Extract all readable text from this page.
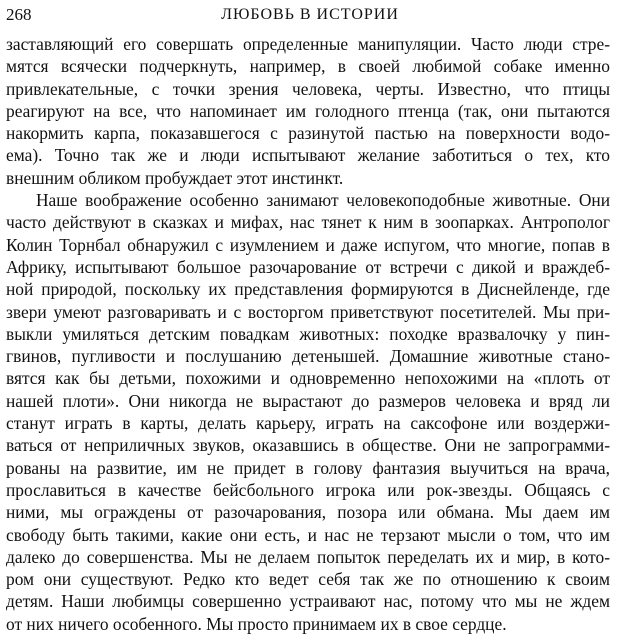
268	ЛЮБОВЬ В ИСТОРИИ
заставляющий его совершать определенные манипуляции. Часто люди стре-
мятся всячески подчеркнуть, например, в своей любимой собаке именно
привлекательные, с точки зрения человека, черты. Известно, что птицы
реагируют на все, что напоминает им голодного птенца (так, они пытаются
накормить карпа, показавшегося с разинутой пастью на поверхности водо-
ема). Точно так же и люди испытывают желание заботиться о тех, кто
внешним обликом пробуждает этот инстинкт.
Наше воображение особенно занимают человекоподобные животные. Они
часто действуют в сказках и мифах, нас тянет к ним в зоопарках. Антрополог
Колин Торнбал обнаружил с изумлением и даже испугом, что многие, попав в
Африку, испытывают большое разочарование от встречи с дикой и враждеб-
ной природой, поскольку их представления формируются в Диснейленде, где
звери умеют разговаривать и с восторгом приветствуют посетителей. Мы при-
выкли умиляться детским повадкам животных: походке вразвалочку у пин-
гвинов, пугливости и послушанию детенышей. Домашние животные стано-
вятся как бы детьми, похожими и одновременно непохожими на «плоть от
нашей плоти». Они никогда не вырастают до размеров человека и вряд ли
станут играть в карты, делать карьеру, играть на саксофоне или воздержи-
ваться от неприличных звуков, оказавшись в обществе. Они не запрограмми-
рованы на развитие, им не придет в голову фантазия выучиться на врача,
прославиться в качестве бейсбольного игрока или рок-звезды. Общаясь с
ними, мы ограждены от разочарования, позора или обмана. Мы даем им
свободу быть такими, какие они есть, и нас не терзают мысли о том, что им
далеко до совершенства. Мы не делаем попыток переделать их и мир, в кото-
ром они существуют. Редко кто ведет себя так же по отношению к своим
детям. Наши любимцы совершенно устраивают нас, потому что мы не ждем
от них ничего особенного. Мы просто принимаем их в свое сердце.
